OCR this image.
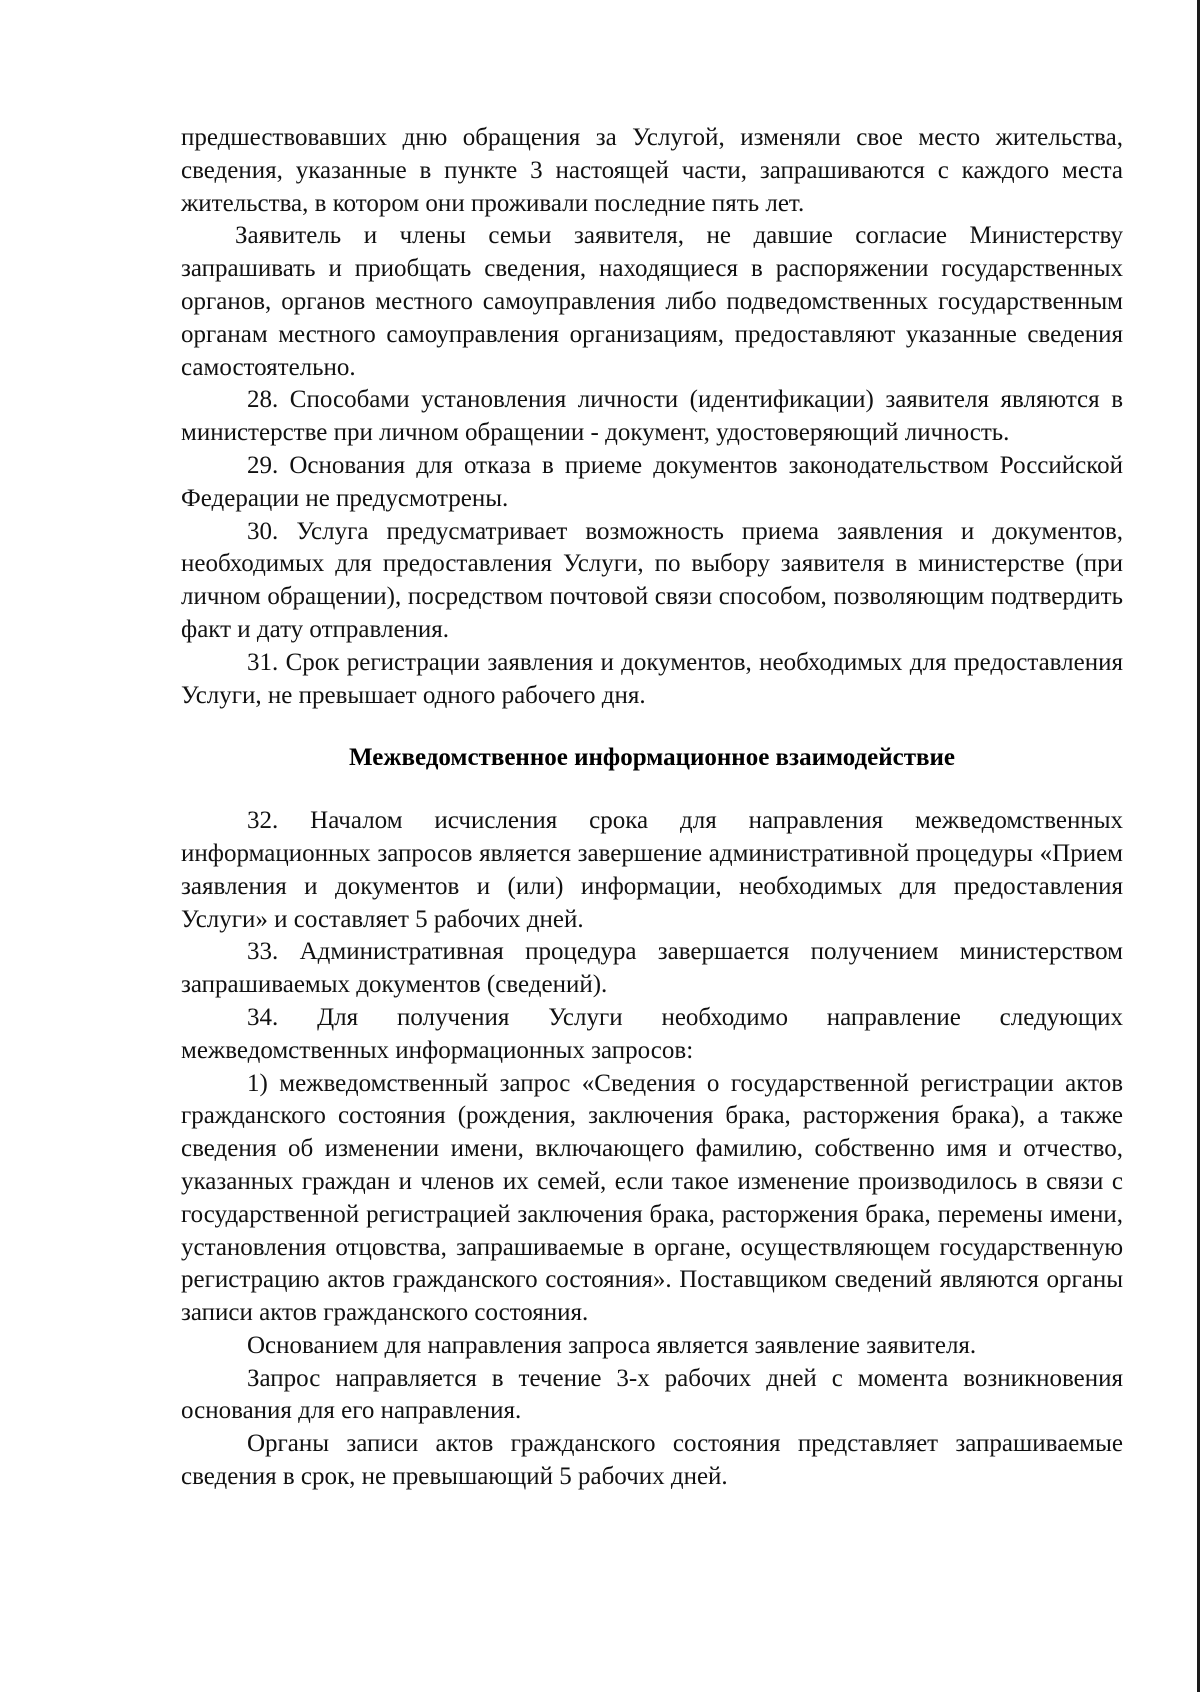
предшествовавших дню обращения за Услугой, изменяли свое место жительства, сведения, указанные в пункте 3 настоящей части, запрашиваются с каждого места жительства, в котором они проживали последние пять лет.

Заявитель и члены семьи заявителя, не давшие согласие Министерству запрашивать и приобщать сведения, находящиеся в распоряжении государственных органов, органов местного самоуправления либо подведомственных государственным органам местного самоуправления организациям, предоставляют указанные сведения самостоятельно.

28. Способами установления личности (идентификации) заявителя являются в министерстве при личном обращении - документ, удостоверяющий личность.

29. Основания для отказа в приеме документов законодательством Российской Федерации не предусмотрены.

30. Услуга предусматривает возможность приема заявления и документов, необходимых для предоставления Услуги, по выбору заявителя в министерстве (при личном обращении), посредством почтовой связи способом, позволяющим подтвердить факт и дату отправления.

31. Срок регистрации заявления и документов, необходимых для предоставления Услуги, не превышает одного рабочего дня.

Межведомственное информационное взаимодействие

32. Началом исчисления срока для направления межведомственных информационных запросов является завершение административной процедуры «Прием заявления и документов и (или) информации, необходимых для предоставления Услуги» и составляет 5 рабочих дней.

33. Административная процедура завершается получением министерством запрашиваемых документов (сведений).

34. Для получения Услуги необходимо направление следующих межведомственных информационных запросов:

1) межведомственный запрос «Сведения о государственной регистрации актов гражданского состояния (рождения, заключения брака, расторжения брака), а также сведения об изменении имени, включающего фамилию, собственно имя и отчество, указанных граждан и членов их семей, если такое изменение производилось в связи с государственной регистрацией заключения брака, расторжения брака, перемены имени, установления отцовства, запрашиваемые в органе, осуществляющем государственную регистрацию актов гражданского состояния». Поставщиком сведений являются органы записи актов гражданского состояния.

Основанием для направления запроса является заявление заявителя.

Запрос направляется в течение 3-х рабочих дней с момента возникновения основания для его направления.

Органы записи актов гражданского состояния представляет запрашиваемые сведения в срок, не превышающий 5 рабочих дней.
